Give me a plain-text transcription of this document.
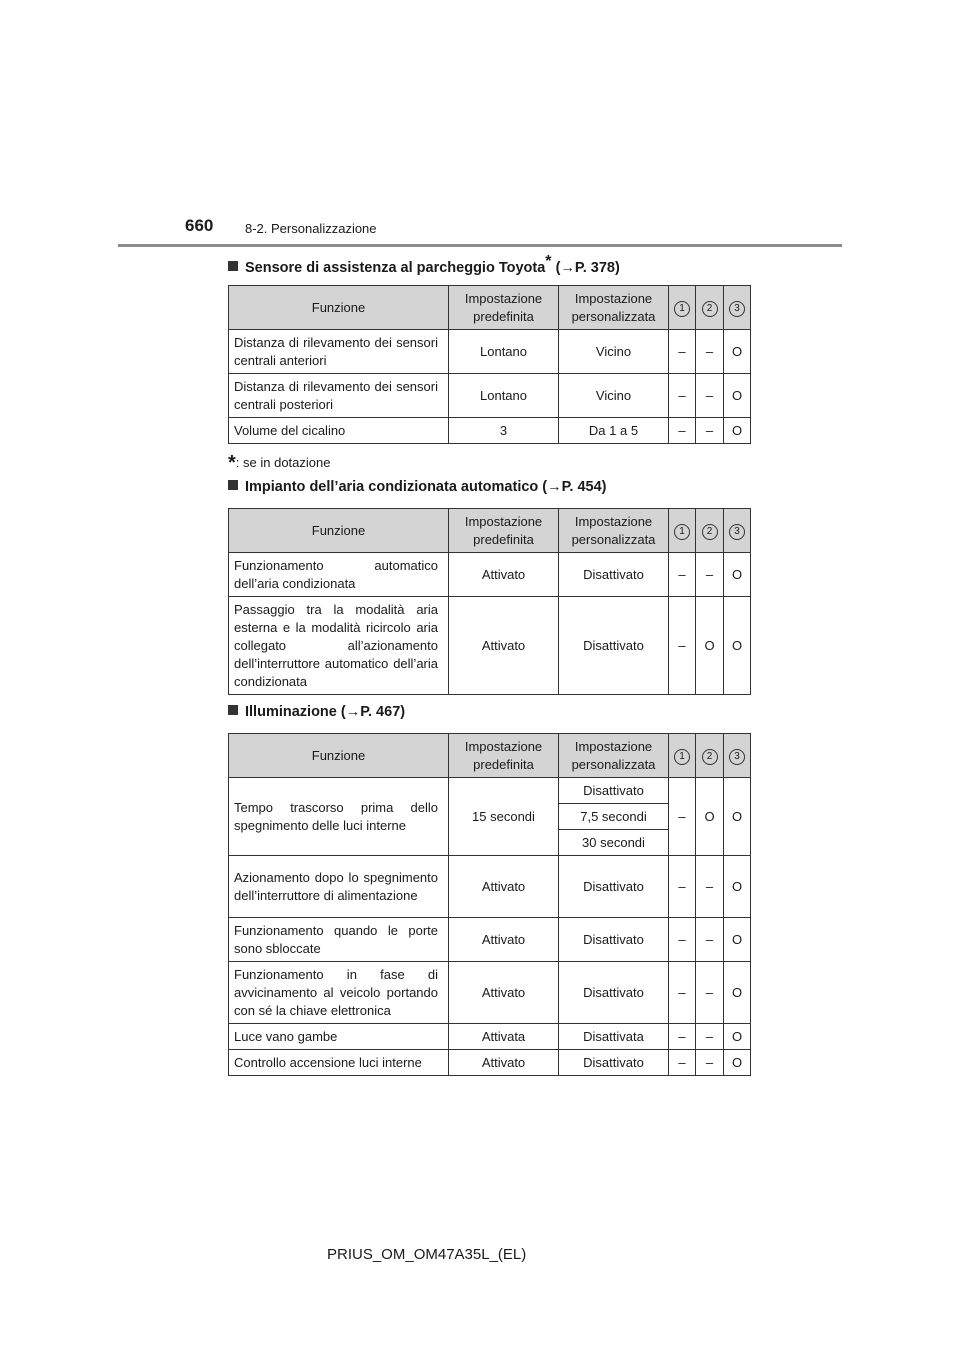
660 8-2. Personalizzazione
Sensore di assistenza al parcheggio Toyota* (→P. 378)
Funzione	Impostazione predefinita	Impostazione personalizzata	1	2	3
Distanza di rilevamento dei sensori centrali anteriori	Lontano	Vicino	–	–	O
Distanza di rilevamento dei sensori centrali posteriori	Lontano	Vicino	–	–	O
Volume del cicalino	3	Da 1 a 5	–	–	O
*: se in dotazione
Impianto dell’aria condizionata automatico (→P. 454)
Funzione	Impostazione predefinita	Impostazione personalizzata	1	2	3
Funzionamento automatico dell’aria condizionata	Attivato	Disattivato	–	–	O
Passaggio tra la modalità aria esterna e la modalità ricircolo aria collegato all’azionamento dell’interruttore automatico dell’aria condizionata	Attivato	Disattivato	–	O	O
Illuminazione (→P. 467)
Funzione	Impostazione predefinita	Impostazione personalizzata	1	2	3
Tempo trascorso prima dello spegnimento delle luci interne	15 secondi	Disattivato	–	O	O
		7,5 secondi			
		30 secondi			
Azionamento dopo lo spegnimento dell’interruttore di alimentazione	Attivato	Disattivato	–	–	O
Funzionamento quando le porte sono sbloccate	Attivato	Disattivato	–	–	O
Funzionamento in fase di avvicinamento al veicolo portando con sé la chiave elettronica	Attivato	Disattivato	–	–	O
Luce vano gambe	Attivata	Disattivata	–	–	O
Controllo accensione luci interne	Attivato	Disattivato	–	–	O
PRIUS_OM_OM47A35L_(EL)
